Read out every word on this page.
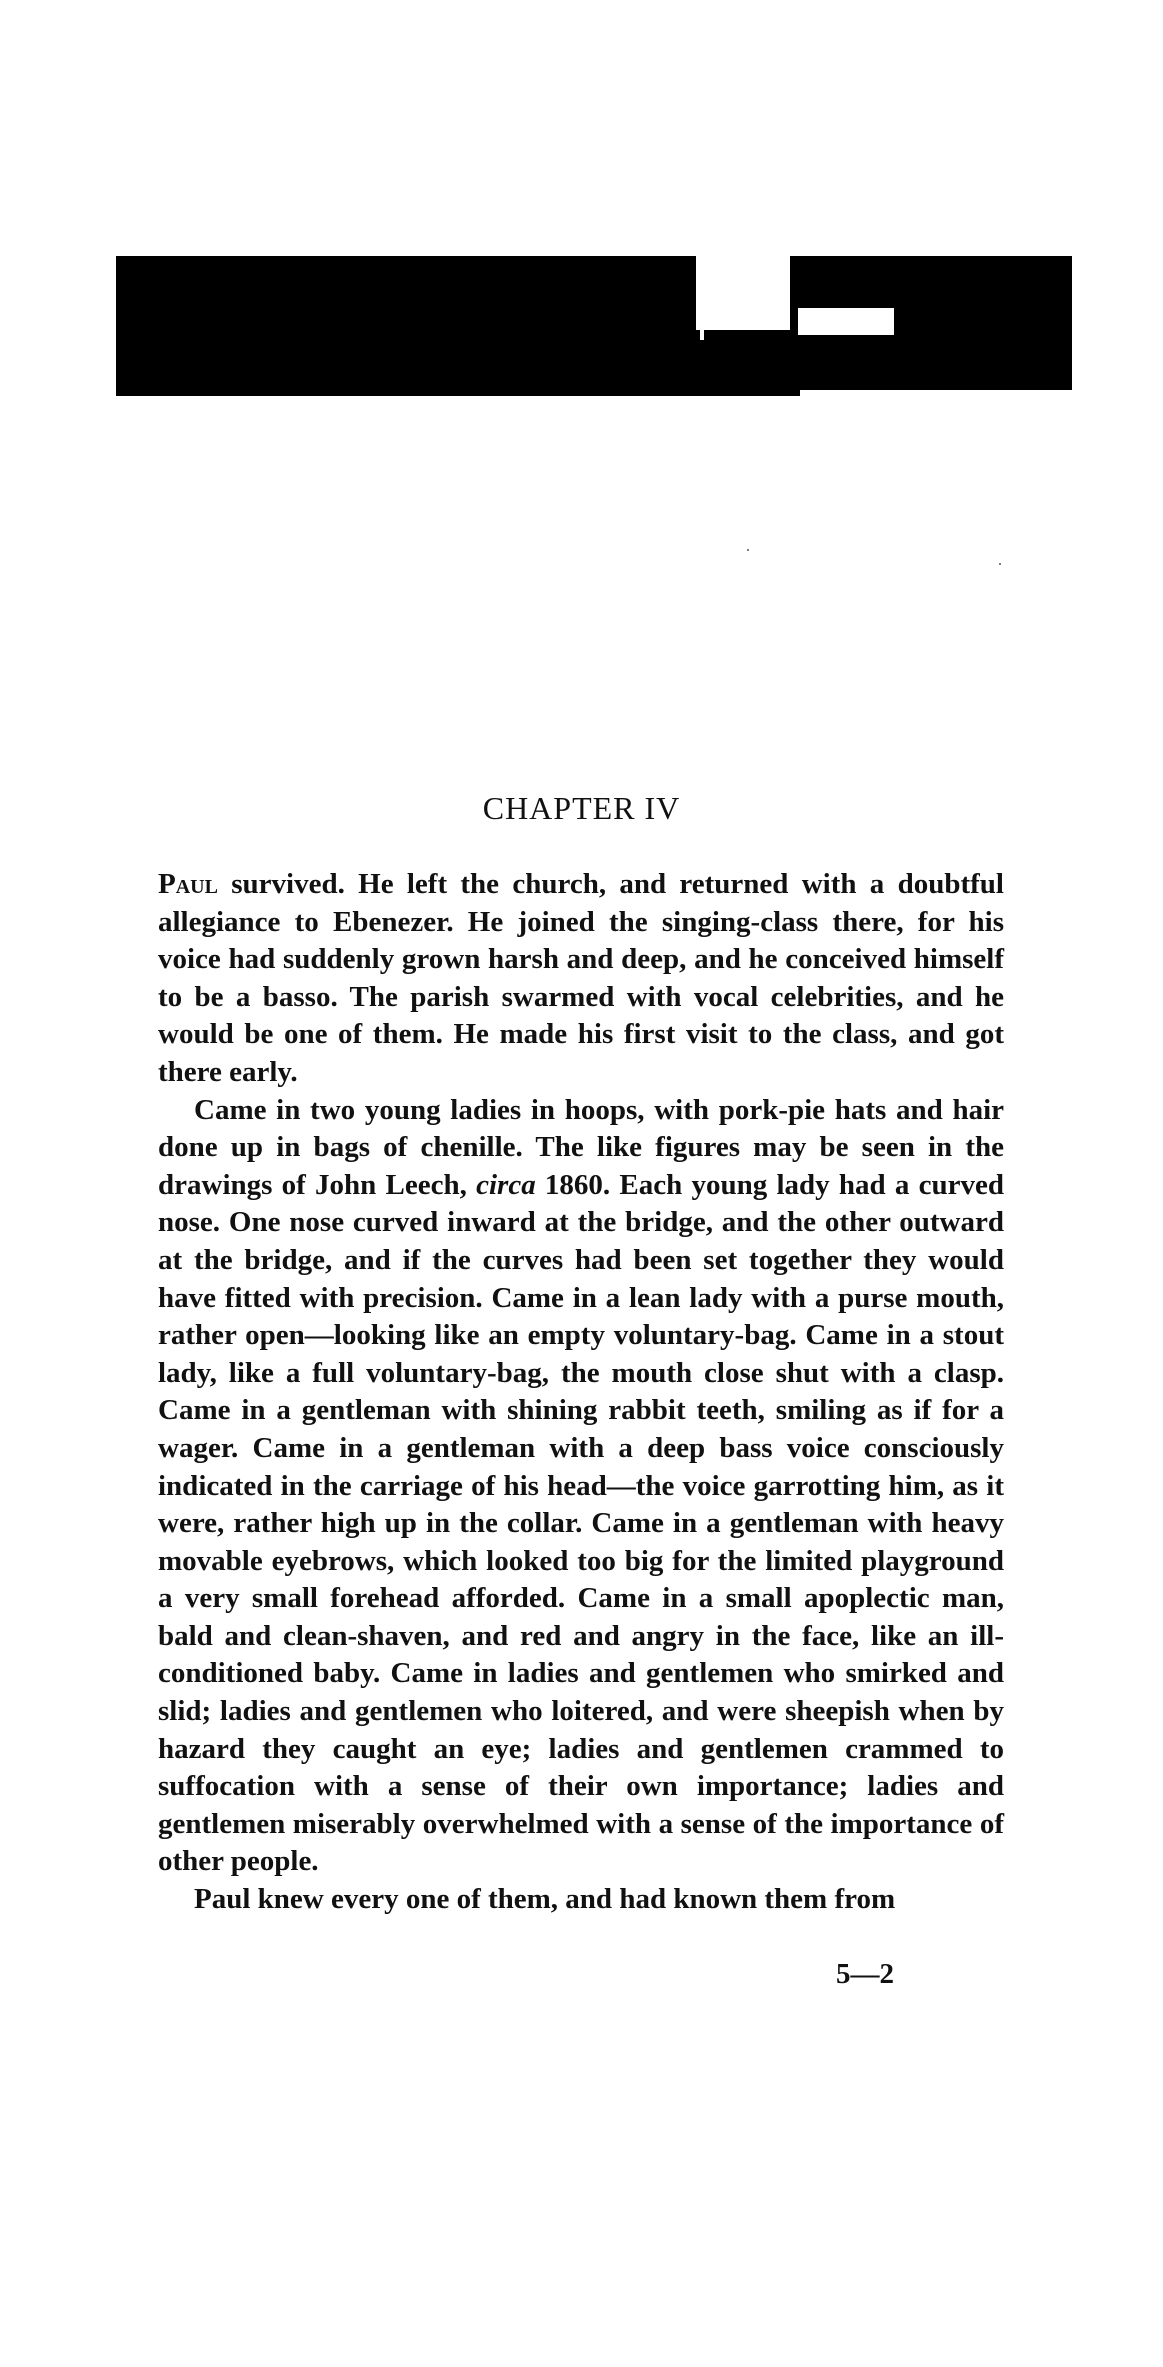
CHAPTER IV

Paul survived. He left the church, and returned with a doubtful allegiance to Ebenezer. He joined the singing-class there, for his voice had suddenly grown harsh and deep, and he conceived himself to be a basso. The parish swarmed with vocal celebrities, and he would be one of them. He made his first visit to the class, and got there early.

Came in two young ladies in hoops, with pork-pie hats and hair done up in bags of chenille. The like figures may be seen in the drawings of John Leech, circa 1860. Each young lady had a curved nose. One nose curved inward at the bridge, and the other outward at the bridge, and if the curves had been set together they would have fitted with precision. Came in a lean lady with a purse mouth, rather open—looking like an empty voluntary-bag. Came in a stout lady, like a full voluntary-bag, the mouth close shut with a clasp. Came in a gentleman with shining rabbit teeth, smiling as if for a wager. Came in a gentleman with a deep bass voice consciously indicated in the carriage of his head—the voice garrotting him, as it were, rather high up in the collar. Came in a gentleman with heavy movable eyebrows, which looked too big for the limited playground a very small forehead afforded. Came in a small apoplectic man, bald and clean-shaven, and red and angry in the face, like an ill-conditioned baby. Came in ladies and gentlemen who smirked and slid; ladies and gentlemen who loitered, and were sheepish when by hazard they caught an eye; ladies and gentlemen crammed to suffocation with a sense of their own importance; ladies and gentlemen miserably overwhelmed with a sense of the importance of other people.

Paul knew every one of them, and had known them from

5—2
